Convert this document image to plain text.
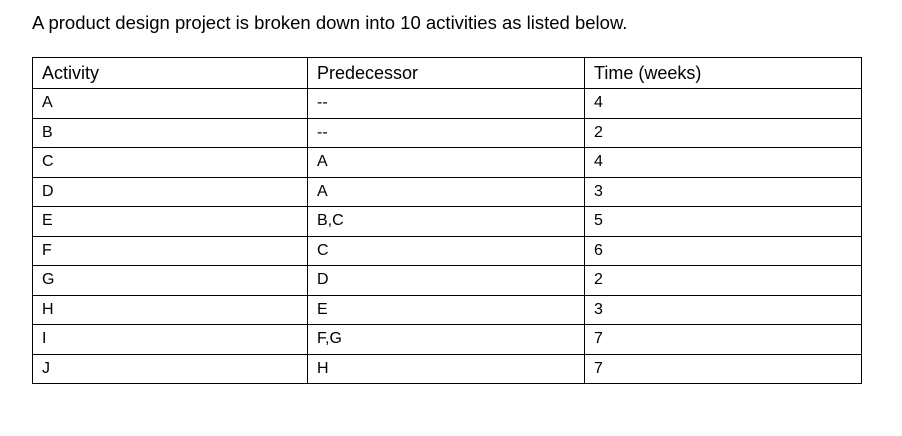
A product design project is broken down into 10 activities as listed below.
Activity	Predecessor	Time (weeks)
A	--	4
B	--	2
C	A	4
D	A	3
E	B,C	5
F	C	6
G	D	2
H	E	3
I	F,G	7
J	H	7
